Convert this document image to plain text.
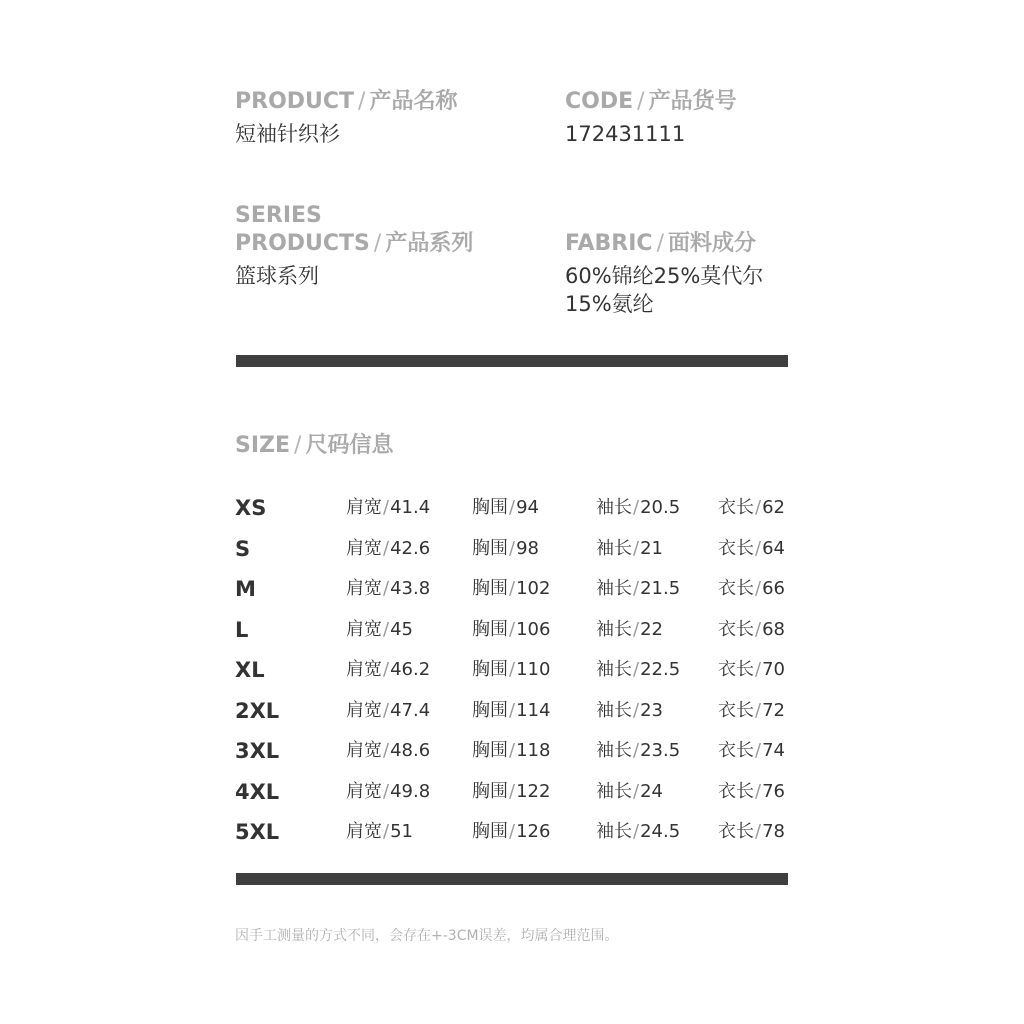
PRODUCT / 产品名称
短袖针织衫
CODE / 产品货号
172431111
SERIES
PRODUCTS / 产品系列
篮球系列
FABRIC / 面料成分
60%锦纶25%莫代尔
15%氨纶
SIZE / 尺码信息
XS	肩宽/41.4 胸围/94	袖长/20.5 衣长/62
S	肩宽/42.6 胸围/98	袖长/21	衣长/64
M	肩宽/43.8 胸围/102	袖长/21.5 衣长/66
L	肩宽/45	胸围/106	袖长/22	衣长/68
XL	肩宽/46.2 胸围/110	袖长/22.5 衣长/70
2XL	肩宽/47.4 胸围/114	袖长/23	衣长/72
3XL	肩宽/48.6 胸围/118	袖长/23.5 衣长/74
4XL	肩宽/49.8 胸围/122	袖长/24	衣长/76
5XL	肩宽/51	胸围/126	袖长/24.5 衣长/78
因手工测量的方式不同，会存在+-3CM误差，均属合理范围。
